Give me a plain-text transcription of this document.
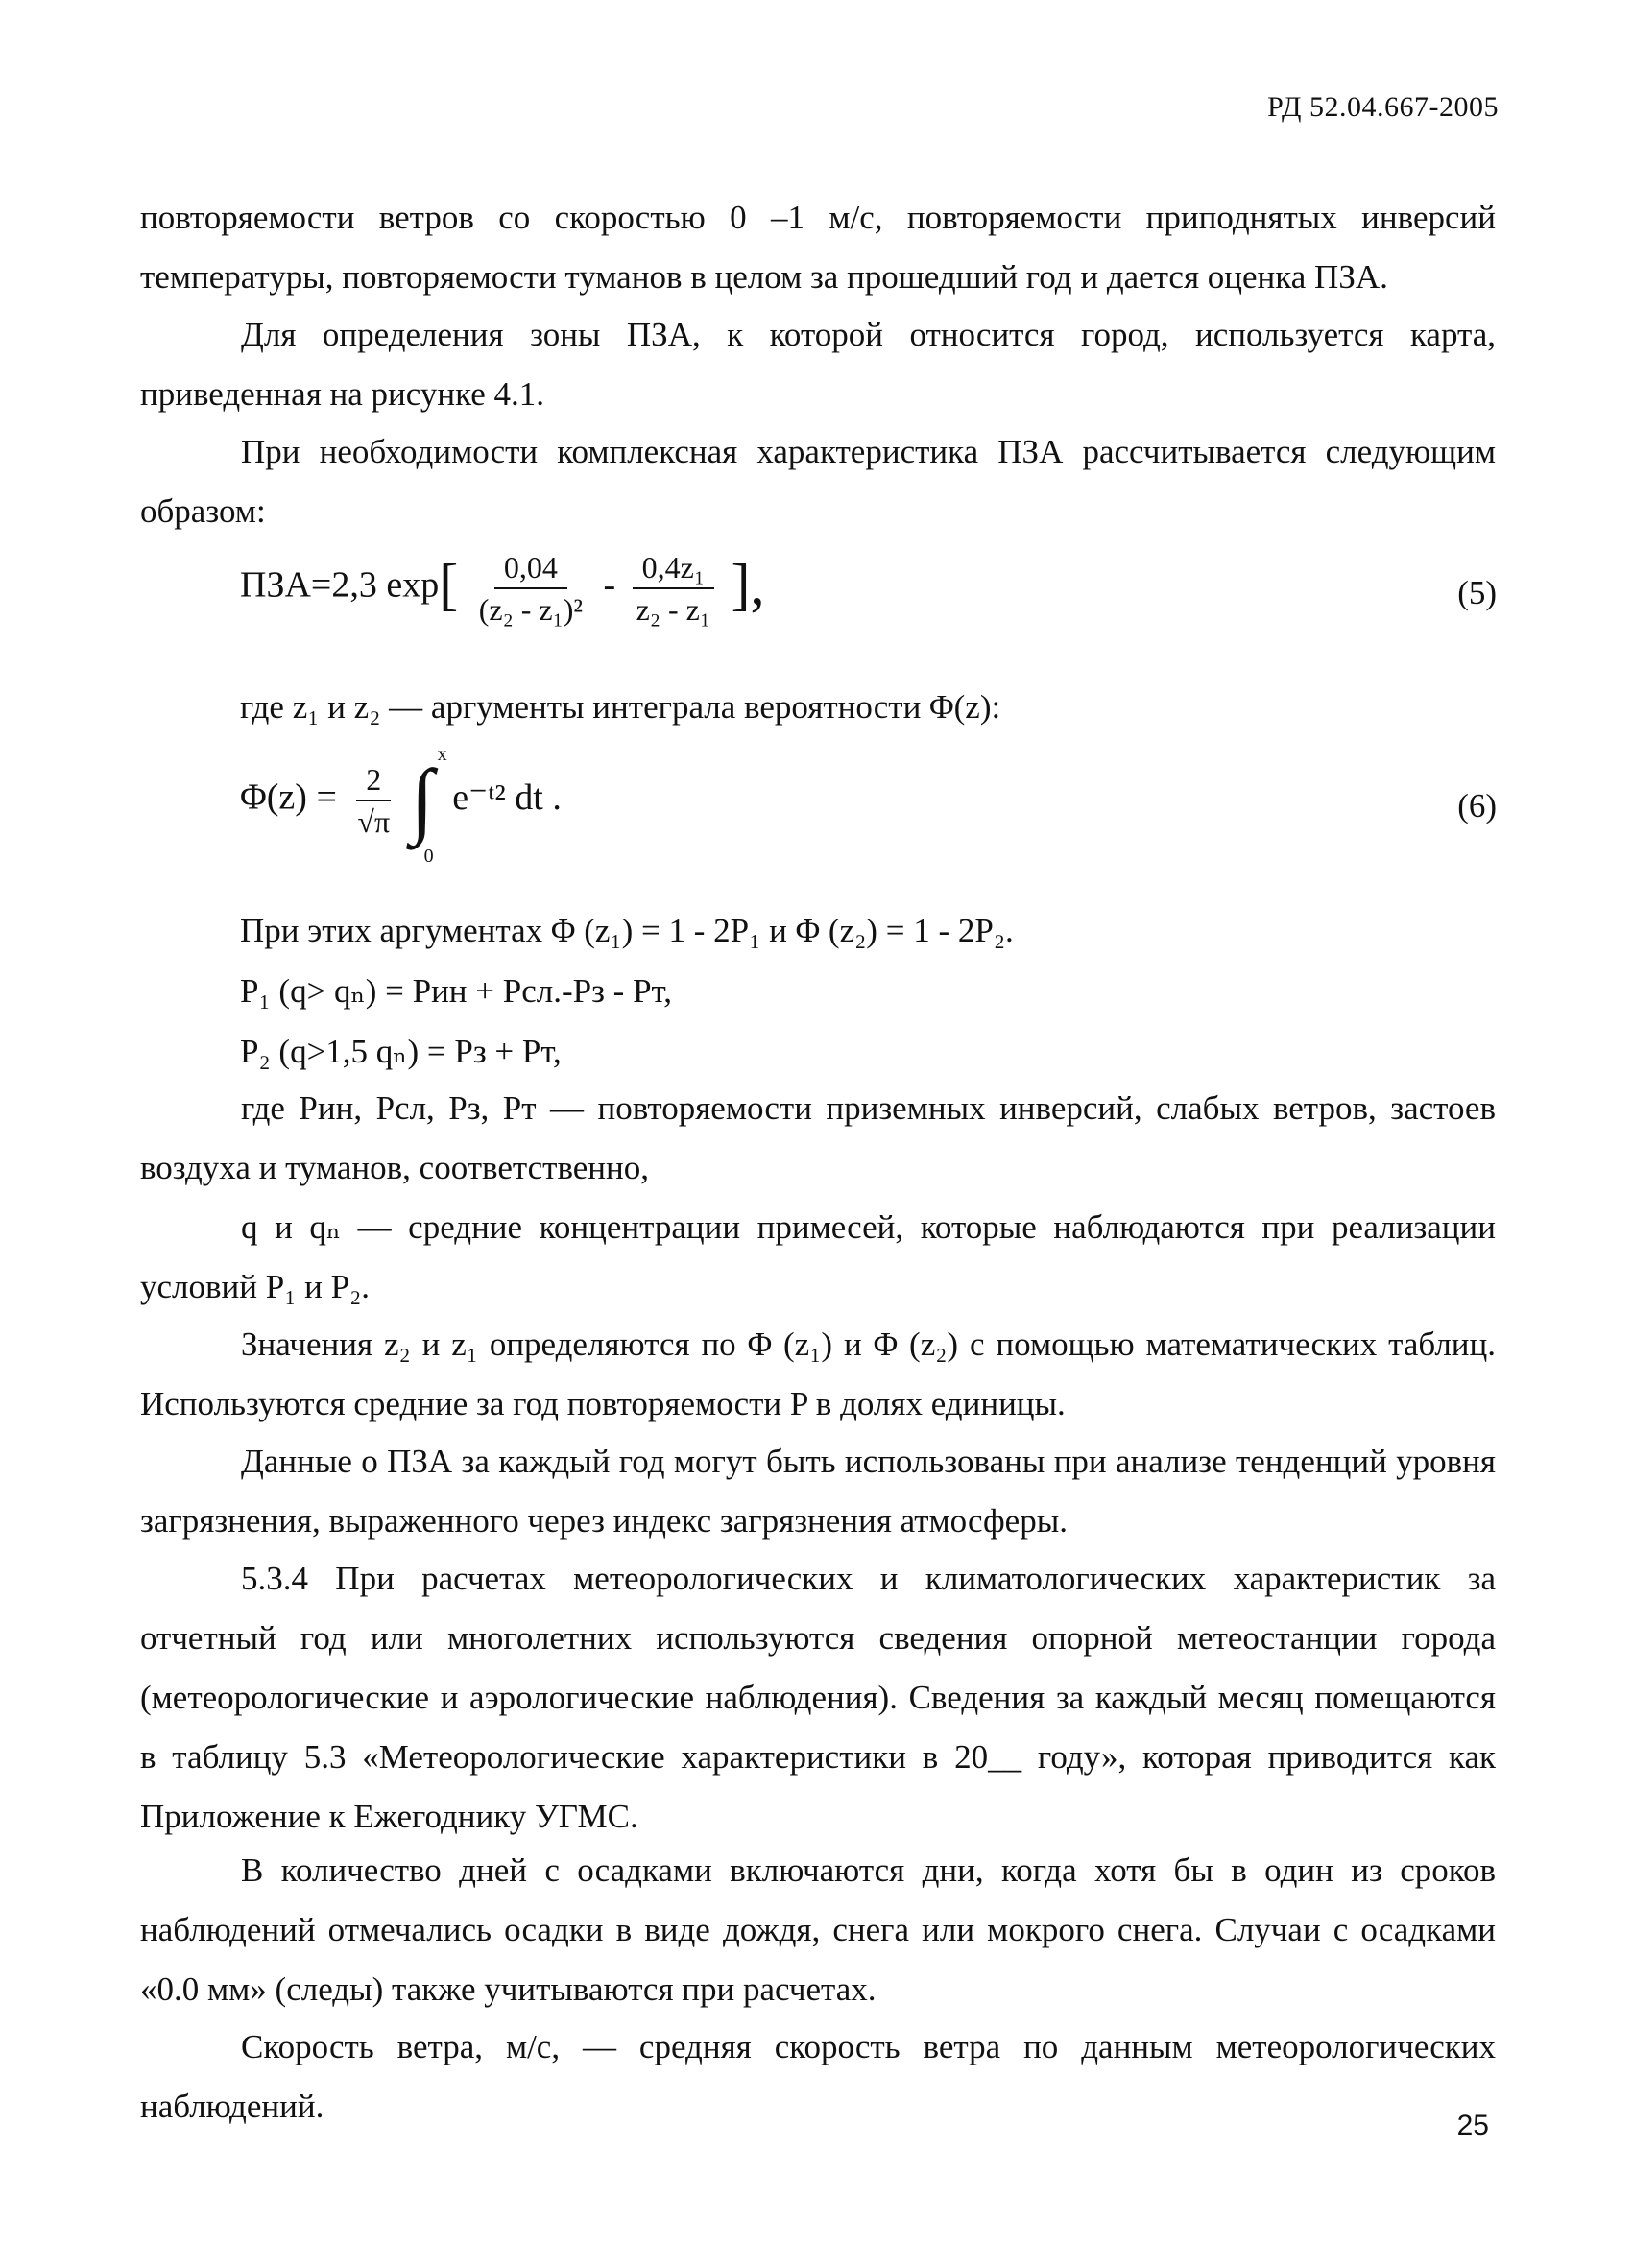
РД 52.04.667-2005
повторяемости ветров со скоростью 0 –1 м/с, повторяемости приподнятых инверсий температуры, повторяемости туманов в целом за прошедший год и дается оценка ПЗА.
Для определения зоны ПЗА, к которой относится город, используется карта, приведенная на рисунке 4.1.
При необходимости комплексная характеристика ПЗА рассчитывается следующим образом:
ПЗА=2,3 $\exp[ \frac{0,04}{\text{(z₂ - z₁)²}} - \frac{\text{0,4z₁}}{\text{z₂ - z₁}}$ ],	(5)
где z₁ и z₂ — аргументы интеграла вероятности Φ(z):
$\Phi(z) = \frac{2}{√\pi}$ ∫ x
0
e⁻ᵗ² dt .	(6)
При этих аргументах Φ (z₁) = 1 - 2P₁ и Φ (z₂) = 1 - 2P₂.
P₁ (q> qₙ) = Pин + Pсл.-Pз - Pт,
P₂ (q>1,5 qₙ) = Pз + Pт,
где Pин, Pсл, Pз, Pт — повторяемости приземных инверсий, слабых ветров, застоев воздуха и туманов, соответственно,
q и qₙ — средние концентрации примесей, которые наблюдаются при реализации условий P₁ и P₂.
Значения z₂ и z₁ определяются по Φ (z₁) и Φ (z₂) с помощью математических таблиц. Используются средние за год повторяемости P в долях единицы.
Данные о ПЗА за каждый год могут быть использованы при анализе тенденций уровня загрязнения, выраженного через индекс загрязнения атмосферы.
5.3.4 При расчетах метеорологических и климатологических характеристик за отчетный год или многолетних используются сведения опорной метеостанции города (метеорологические и аэрологические наблюдения). Сведения за каждый месяц помещаются в таблицу 5.3 «Метеорологические характеристики в 20__ году», которая приводится как Приложение к Ежегоднику УГМС.
В количество дней с осадками включаются дни, когда хотя бы в один из сроков наблюдений отмечались осадки в виде дождя, снега или мокрого снега. Случаи с осадками «0.0 мм» (следы) также учитываются при расчетах.
Скорость ветра, м/с, — средняя скорость ветра по данным метеорологических наблюдений.
25
